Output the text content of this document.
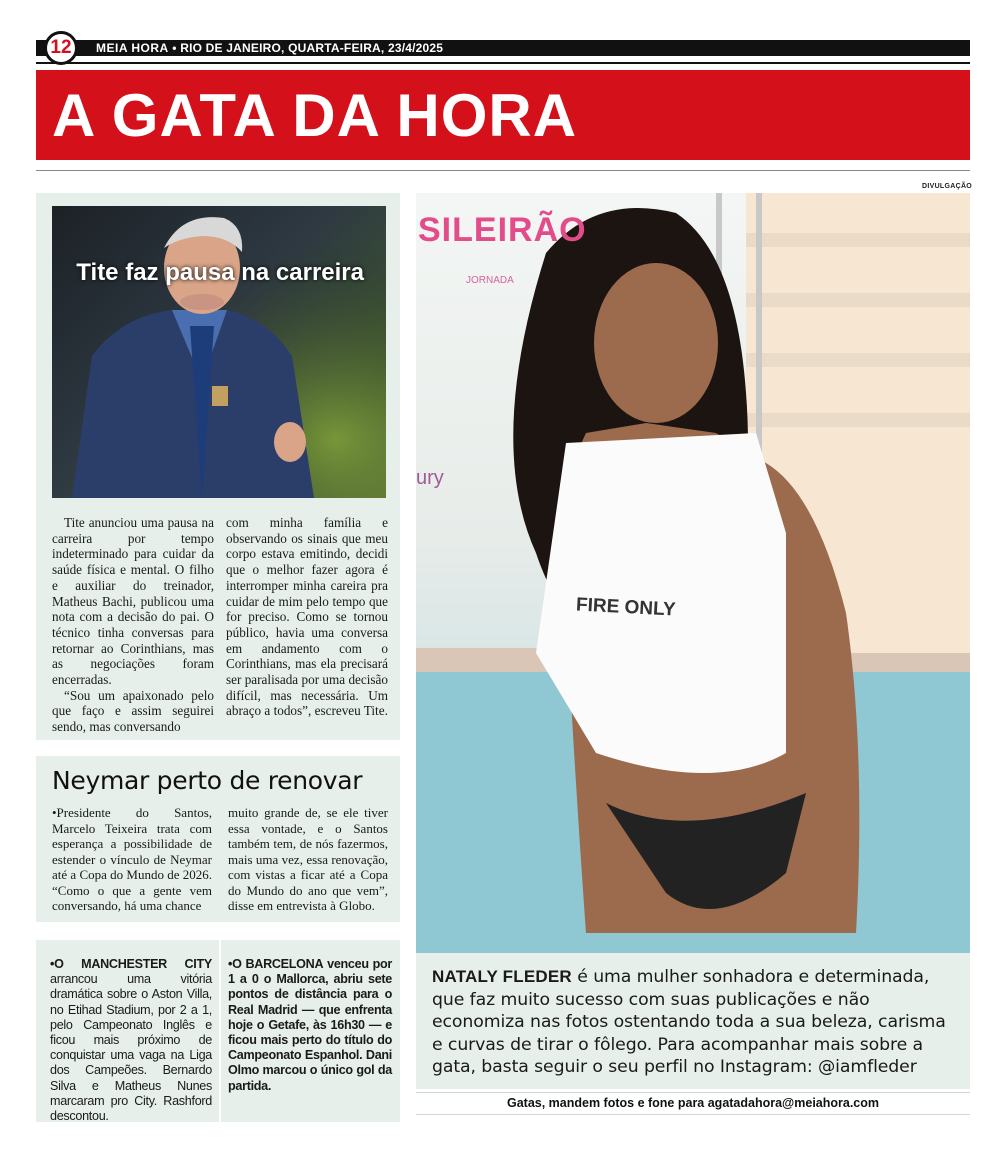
12	MEIA HORA • RIO DE JANEIRO, QUARTA-FEIRA, 23/4/2025
A GATA DA HORA
DIVULGAÇÃO
Tite faz pausa na carreira

Tite anunciou uma pausa na carreira por tempo indeterminado para cuidar da saúde física e mental. O filho e auxiliar do treinador, Matheus Bachi, publicou uma nota com a decisão do pai. O técnico tinha conversas para retornar ao Corinthians, mas as negociações foram encerradas.

“Sou um apaixonado pelo que faço e assim seguirei sendo, mas conversando

com minha família e observando os sinais que meu corpo estava emitindo, decidi que o melhor fazer agora é interromper minha careira pra cuidar de mim pelo tempo que for preciso. Como se tornou público, havia uma conversa em andamento com o Corinthians, mas ela precisará ser paralisada por uma decisão difícil, mas necessária. Um abraço a todos”, escreveu Tite.
Neymar perto de renovar
•Presidente do Santos, Marcelo Teixeira trata com esperança a possibilidade de estender o vínculo de Neymar até a Copa do Mundo de 2026. “Como o que a gente vem conversando, há uma chance
muito grande de, se ele tiver essa vontade, e o Santos também tem, de nós fazermos, mais uma vez, essa renovação, com vistas a ficar até a Copa do Mundo do ano que vem”, disse em entrevista à Globo.
•O MANCHESTER CITY arrancou uma vitória dramática sobre o Aston Villa, no Etihad Stadium, por 2 a 1, pelo Campeonato Inglês e ficou mais próximo de conquistar uma vaga na Liga dos Campeões. Bernardo Silva e Matheus Nunes marcaram pro City. Rashford descontou.
•O BARCELONA venceu por 1 a 0 o Mallorca, abriu sete pontos de distância para o Real Madrid — que enfrenta hoje o Getafe, às 16h30 — e ficou mais perto do título do Campeonato Espanhol. Dani Olmo marcou o único gol da partida.
SILEIRÃO
JORNADA
ury
FIRE ONLY
NATALY FLEDER é uma mulher sonhadora e determinada, que faz muito sucesso com suas publicações e não economiza nas fotos ostentando toda a sua beleza, carisma e curvas de tirar o fôlego. Para acompanhar mais sobre a gata, basta seguir o seu perfil no Instagram: @iamfleder
Gatas, mandem fotos e fone para agatadahora@meiahora.com
